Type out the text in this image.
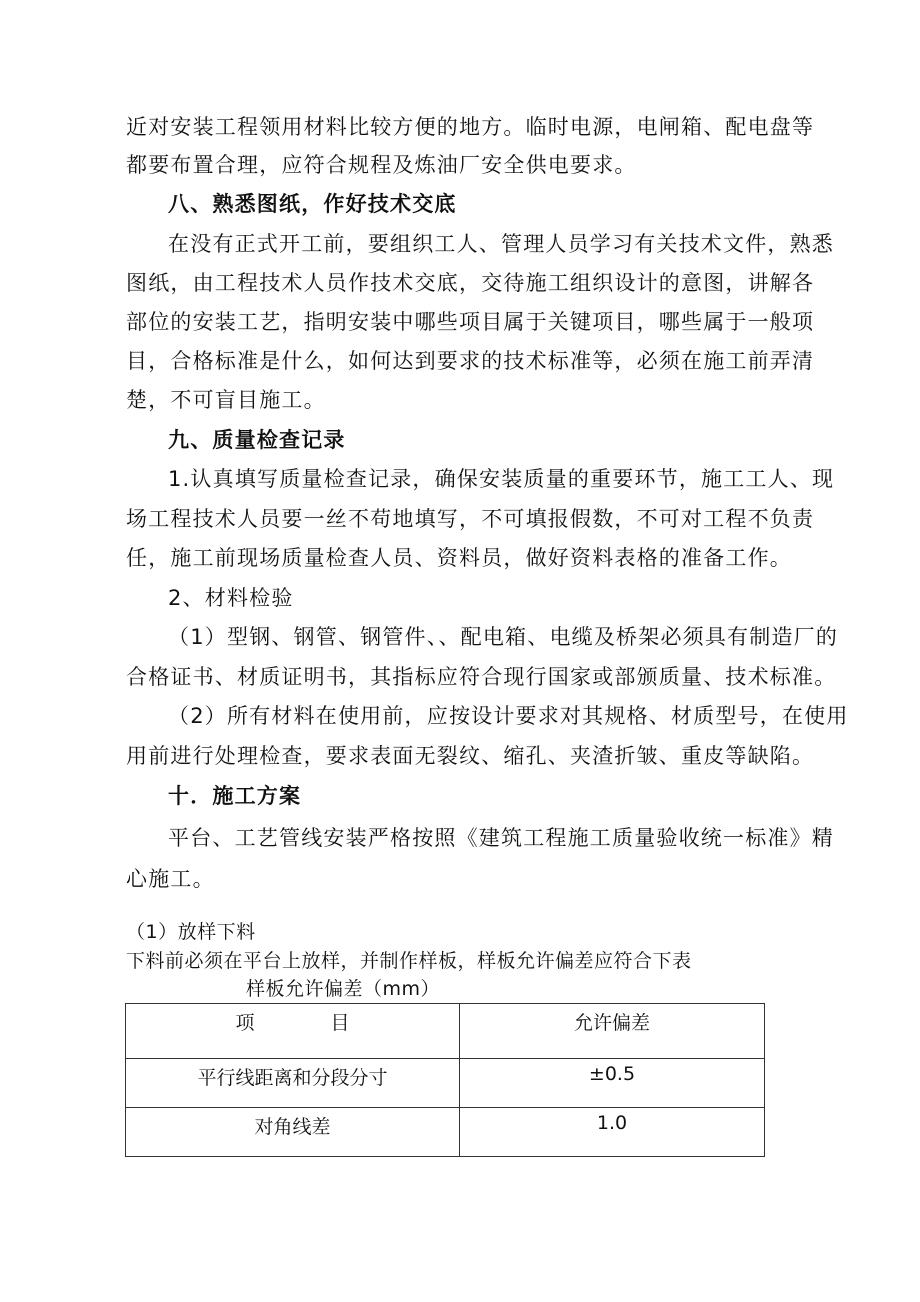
近对安装工程领用材料比较方便的地方。临时电源，电闸箱、配电盘等
都要布置合理，应符合规程及炼油厂安全供电要求。
八、熟悉图纸，作好技术交底
在没有正式开工前，要组织工人、管理人员学习有关技术文件，熟悉
图纸，由工程技术人员作技术交底，交待施工组织设计的意图，讲解各
部位的安装工艺，指明安装中哪些项目属于关键项目，哪些属于一般项
目，合格标准是什么，如何达到要求的技术标准等，必须在施工前弄清
楚，不可盲目施工。
九、质量检查记录
1.认真填写质量检查记录，确保安装质量的重要环节，施工工人、现
场工程技术人员要一丝不苟地填写，不可填报假数，不可对工程不负责
任，施工前现场质量检查人员、资料员，做好资料表格的准备工作。
2、材料检验
（1）型钢、钢管、钢管件、、配电箱、电缆及桥架必须具有制造厂的
合格证书、材质证明书，其指标应符合现行国家或部颁质量、技术标准。
（2）所有材料在使用前，应按设计要求对其规格、材质型号，在使用
用前进行处理检查，要求表面无裂纹、缩孔、夹渣折皱、重皮等缺陷。
十．施工方案
平台、工艺管线安装严格按照《建筑工程施工质量验收统一标准》精
心施工。
（1）放样下料
下料前必须在平台上放样，并制作样板，样板允许偏差应符合下表
样板允许偏差（mm）
项　　　　目	允许偏差
平行线距离和分段分寸	±0.5
对角线差	1.0
